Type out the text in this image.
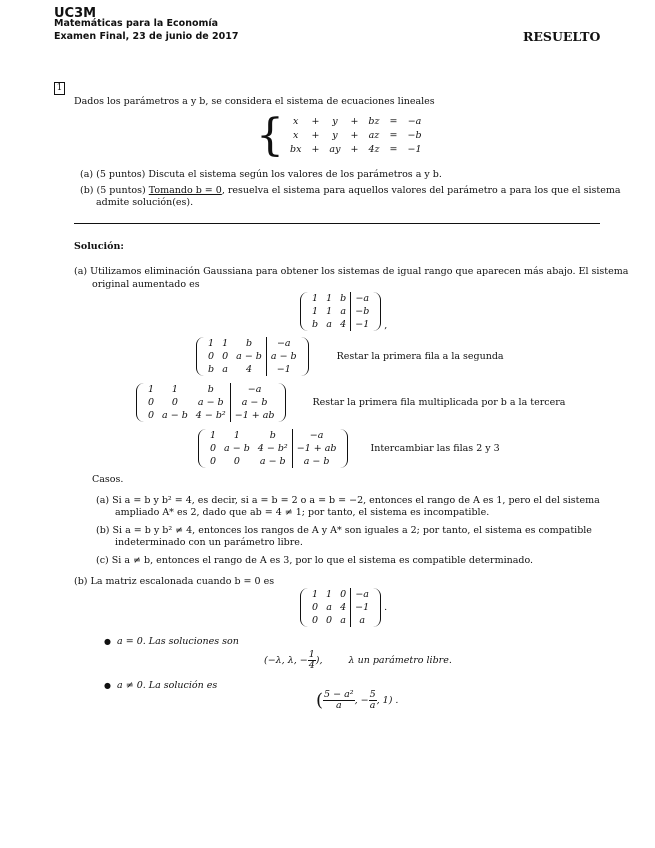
UC3M
Matemáticas para la Economía
Examen Final, 23 de junio de 2017	RESUELTO
1
Dados los parámetros a y b, se considera el sistema de ecuaciones lineales
{ x	+	y	+	bz	=	−a
x	+	y	+	az	=	−b
bx	+	ay	+	4z	=	−1
(a) (5 puntos) Discuta el sistema según los valores de los parámetros a y b.
(b) (5 puntos) Tomando b = 0, resuelva el sistema para aquellos valores del parámetro a para los que el sistema
admite solución(es).
Solución:
(a) Utilizamos eliminación Gaussiana para obtener los sistemas de igual rango que aparecen más abajo. El sistema
original aumentado es
1	1	b	−a
1	1	a	−b
b	a	4	−1 ,
1	1	b	−a
0	0	a − b	a − b
b	a	4	−1
Restar la primera fila a la segunda
1	1	b	−a
0	0	a − b	a − b
0	a − b	4 − b²	−1 + ab
Restar la primera fila multiplicada por b a la tercera
1	1	b	−a
0	a − b	4 − b²	−1 + ab
0	0	a − b	a − b
Intercambiar las filas 2 y 3
Casos.
(a) Si a = b y b² = 4, es decir, si a = b = 2 o a = b = −2, entonces el rango de A es 1, pero el del sistema
ampliado A* es 2, dado que ab = 4 ≠ 1; por tanto, el sistema es incompatible.
(b) Si a = b y b² ≠ 4, entonces los rangos de A y A* son iguales a 2; por tanto, el sistema es compatible
indeterminado con un parámetro libre.
(c) Si a ≠ b, entonces el rango de A es 3, por lo que el sistema es compatible determinado.
(b) La matriz escalonada cuando b = 0 es
1	1	0	−a
0	a	4	−1
0	0	a	a
.
● a = 0. Las soluciones son
(−λ, λ, − $\frac{1}{4}$ ),	λ un parámetro libre.
● a ≠ 0. La solución es
( $\frac{\text{5 − a²}}{a}$ , − $\frac{5}{a}$ , 1) .
